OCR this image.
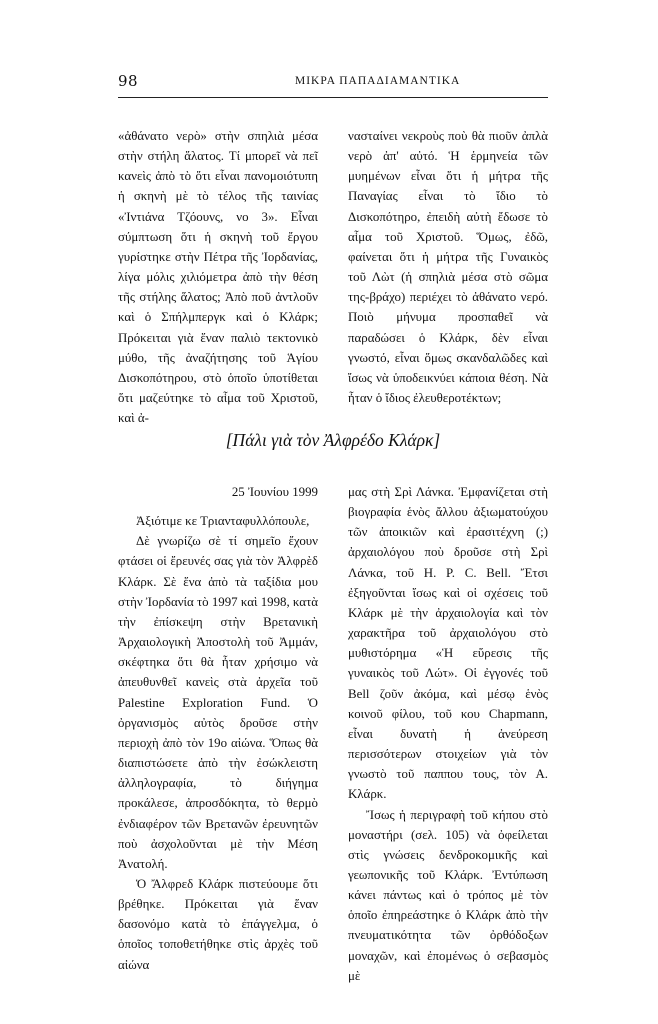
98	ΜΙΚΡΑ ΠΑΠΑΔΙΑΜΑΝΤΙΚΑ

«ἀθάνατο νερὸ» στὴν σπηλιὰ μέσα στὴν στήλη ἅλατος. Τί μπορεῖ νὰ πεῖ κανεὶς ἀπὸ τὸ ὅτι εἶναι πανομοιότυπη ἡ σκηνὴ μὲ τὸ τέλος τῆς ταινίας «Ἰντιάνα Τζόουνς, νο 3». Εἶναι σύμπτωση ὅτι ἡ σκηνὴ τοῦ ἔργου γυρίστηκε στὴν Πέτρα τῆς Ἰορδανίας, λίγα μόλις χιλιόμετρα ἀπὸ τὴν θέση τῆς στήλης ἅλατος; Ἀπὸ ποῦ ἀντλοῦν καὶ ὁ Σπήλμπεργκ καὶ ὁ Κλάρκ; Πρόκειται γιὰ ἕναν παλιὸ τεκτονικὸ μύθο, τῆς ἀναζήτησης τοῦ Ἁγίου Δισκοπότηρου, στὸ ὁποῖο ὑποτίθεται ὅτι μαζεύτηκε τὸ αἷμα τοῦ Χριστοῦ, καὶ ἀ-

νασταίνει νεκροὺς ποὺ θὰ πιοῦν ἀπλὰ νερὸ ἀπ' αὐτό. Ἡ ἑρμηνεία τῶν μυημένων εἶναι ὅτι ἡ μήτρα τῆς Παναγίας εἶναι τὸ ἴδιο τὸ Δισκοπότηρο, ἐπειδὴ αὐτὴ ἔδωσε τὸ αἷμα τοῦ Χριστοῦ. Ὅμως, ἐδῶ, φαίνεται ὅτι ἡ μήτρα τῆς Γυναικὸς τοῦ Λὼτ (ἡ σπηλιὰ μέσα στὸ σῶμα της-βράχο) περιέχει τὸ ἀθάνατο νερό. Ποιὸ μήνυμα προσπαθεῖ νὰ παραδώσει ὁ Κλάρκ, δὲν εἶναι γνωστό, εἶναι ὅμως σκανδαλῶδες καὶ ἴσως νὰ ὑποδεικνύει κάποια θέση. Νὰ ἦταν ὁ ἴδιος ἐλευθεροτέκτων;

[Πάλι γιὰ τὸν Ἀλφρέδο Κλάρκ]
25 Ἰουνίου 1999
Ἀξιότιμε κε Τριανταφυλλόπουλε,

Δὲ γνωρίζω σὲ τί σημεῖο ἔχουν φτάσει οἱ ἔρευνές σας γιὰ τὸν Ἀλφρὲδ Κλάρκ. Σὲ ἕνα ἀπὸ τὰ ταξίδια μου στὴν Ἰορδανία τὸ 1997 καὶ 1998, κατὰ τὴν ἐπίσκεψη στὴν Βρετανικὴ Ἀρχαιολογικὴ Ἀποστολὴ τοῦ Ἀμμάν, σκέφτηκα ὅτι θὰ ἦταν χρήσιμο νὰ ἀπευθυνθεῖ κανεὶς στὰ ἀρχεῖα τοῦ Palestine Exploration Fund. Ὁ ὀργανισμὸς αὐτὸς δροῦσε στὴν περιοχὴ ἀπὸ τὸν 19ο αἰώνα. Ὅπως θὰ διαπιστώσετε ἀπὸ τὴν ἐσώκλειστη ἀλληλογραφία, τὸ διήγημα προκάλεσε, ἀπροσδόκητα, τὸ θερμὸ ἐνδιαφέρον τῶν Βρετανῶν ἐρευνητῶν ποὺ ἀσχολοῦνται μὲ τὴν Μέση Ἀνατολή.

Ὁ Ἄλφρεδ Κλάρκ πιστεύουμε ὅτι βρέθηκε. Πρόκειται γιὰ ἕναν δασονόμο κατὰ τὸ ἐπάγγελμα, ὁ ὁποῖος τοποθετήθηκε στὶς ἀρχὲς τοῦ αἰώνα

μας στὴ Σρὶ Λάνκα. Ἐμφανίζεται στὴ βιογραφία ἑνὸς ἄλλου ἀξιωματούχου τῶν ἀποικιῶν καὶ ἐρασιτέχνη (;) ἀρχαιολόγου ποὺ δροῦσε στὴ Σρὶ Λάνκα, τοῦ H. P. C. Bell. Ἔτσι ἐξηγοῦνται ἴσως καὶ οἱ σχέσεις τοῦ Κλάρκ μὲ τὴν ἀρχαιολογία καὶ τὸν χαρακτῆρα τοῦ ἀρχαιολόγου στὸ μυθιστόρημα «Ἡ εὕρεσις τῆς γυναικὸς τοῦ Λώτ». Οἱ ἐγγονές τοῦ Bell ζοῦν ἀκόμα, καὶ μέσῳ ἑνὸς κοινοῦ φίλου, τοῦ κου Chapmann, εἶναι δυνατὴ ἡ ἀνεύρεση περισσότερων στοιχείων γιὰ τὸν γνωστὸ τοῦ παππου τους, τὸν Α. Κλάρκ.

Ἴσως ἡ περιγραφὴ τοῦ κήπου στὸ μοναστήρι (σελ. 105) νὰ ὀφείλεται στὶς γνώσεις δενδροκομικῆς καὶ γεωπονικῆς τοῦ Κλάρκ. Ἐντύπωση κάνει πάντως καὶ ὁ τρόπος μὲ τὸν ὁποῖο ἐπηρεάστηκε ὁ Κλάρκ ἀπὸ τὴν πνευματικότητα τῶν ὀρθόδοξων μοναχῶν, καὶ ἐπομένως ὁ σεβασμὸς μὲ
